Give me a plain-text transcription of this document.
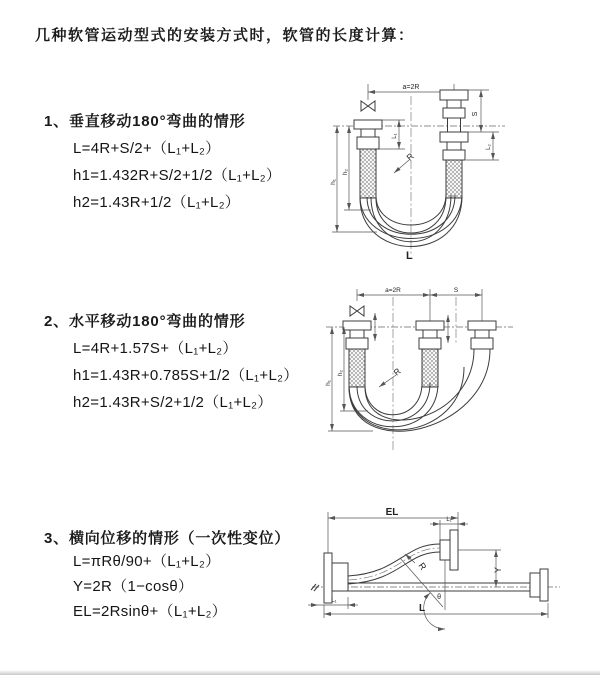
几种软管运动型式的安装方式时，软管的长度计算：
1、垂直移动180°弯曲的情形
L=4R+S/2+（L₁+L₂）
h1=1.432R+S/2+1/2（L₁+L₂）
h2=1.43R+1/2（L₁+L₂）
2、水平移动180°弯曲的情形
L=4R+1.57S+（L₁+L₂）
h1=1.43R+0.785S+1/2（L₁+L₂）
h2=1.43R+S/2+1/2（L₁+L₂）
3、横向位移的情形（一次性变位）
L=πRθ/90+（L₁+L₂）
Y=2R（1−cosθ）
EL=2Rsinθ+（L₁+L₂）
a=2R
S
L₂
L₁
h₁
h₂
R
L
a=2R	S
h₁
h₂	R
EL
L₁
Y
θ
R
L₁
L
